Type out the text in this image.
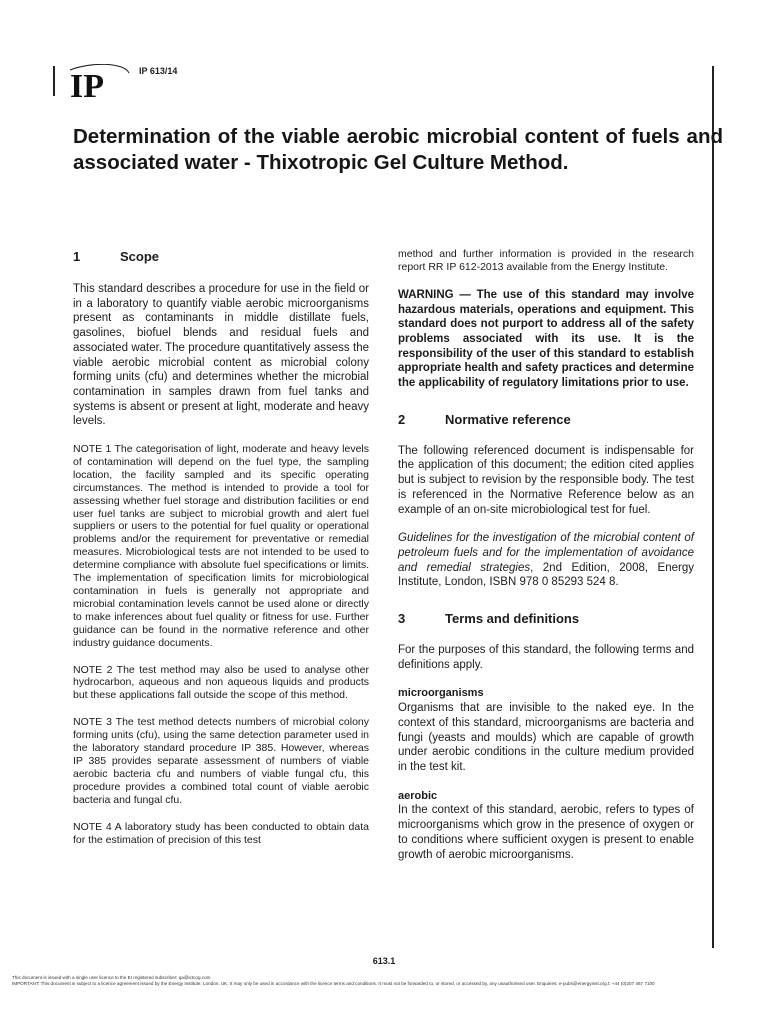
IP	IP 613/14
Determination of the viable aerobic microbial content of fuels and associated water - Thixotropic Gel Culture Method.
1	Scope

This standard describes a procedure for use in the field or in a laboratory to quantify viable aerobic microorganisms present as contaminants in middle distillate fuels, gasolines, biofuel blends and residual fuels and associated water. The procedure quantitatively assess the viable aerobic microbial content as microbial colony forming units (cfu) and determines whether the microbial contamination in samples drawn from fuel tanks and systems is absent or present at light, moderate and heavy levels.

NOTE 1 The categorisation of light, moderate and heavy levels of contamination will depend on the fuel type, the sampling location, the facility sampled and its specific operating circumstances. The method is intended to provide a tool for assessing whether fuel storage and distribution facilities or end user fuel tanks are subject to microbial growth and alert fuel suppliers or users to the potential for fuel quality or operational problems and/or the requirement for preventative or remedial measures. Microbiological tests are not intended to be used to determine compliance with absolute fuel specifications or limits. The implementation of specification limits for microbiological contamination in fuels is generally not appropriate and microbial contamination levels cannot be used alone or directly to make inferences about fuel quality or fitness for use. Further guidance can be found in the normative reference and other industry guidance documents.

NOTE 2 The test method may also be used to analyse other hydrocarbon, aqueous and non aqueous liquids and products but these applications fall outside the scope of this method.

NOTE 3 The test method detects numbers of microbial colony forming units (cfu), using the same detection parameter used in the laboratory standard procedure IP 385. However, whereas IP 385 provides separate assessment of numbers of viable aerobic bacteria cfu and numbers of viable fungal cfu, this procedure provides a combined total count of viable aerobic bacteria and fungal cfu.

NOTE 4 A laboratory study has been conducted to obtain data for the estimation of precision of this test

method and further information is provided in the research report RR IP 612-2013 available from the Energy Institute.

WARNING — The use of this standard may involve hazardous materials, operations and equipment. This standard does not purport to address all of the safety problems associated with its use. It is the responsibility of the user of this standard to establish appropriate health and safety practices and determine the applicability of regulatory limitations prior to use.

2	Normative reference

The following referenced document is indispensable for the application of this document; the edition cited applies but is subject to revision by the responsible body. The test is referenced in the Normative Reference below as an example of an on-site microbiological test for fuel.

Guidelines for the investigation of the microbial content of petroleum fuels and for the implementation of avoidance and remedial strategies, 2nd Edition, 2008, Energy Institute, London, ISBN 978 0 85293 524 8.

3	Terms and definitions

For the purposes of this standard, the following terms and definitions apply.

microorganisms

Organisms that are invisible to the naked eye. In the context of this standard, microorganisms are bacteria and fungi (yeasts and moulds) which are capable of growth under aerobic conditions in the culture medium provided in the test kit.

aerobic

In the context of this standard, aerobic, refers to types of microorganisms which grow in the presence of oxygen or to conditions where sufficient oxygen is present to enable growth of aerobic microorganisms.

613.1
This document is issued with a single user licence to the EI registered subscriber: qa@ictcog.com
IMPORTANT: This document is subject to a licence agreement issued by the Energy Institute, London, UK. It may only be used in accordance with the licence terms and conditions. It must not be forwarded to, or stored, or accessed by, any unauthorised user. Enquiries: e-pubs@energyinst.org.t: +44 (0)207 467 7100
